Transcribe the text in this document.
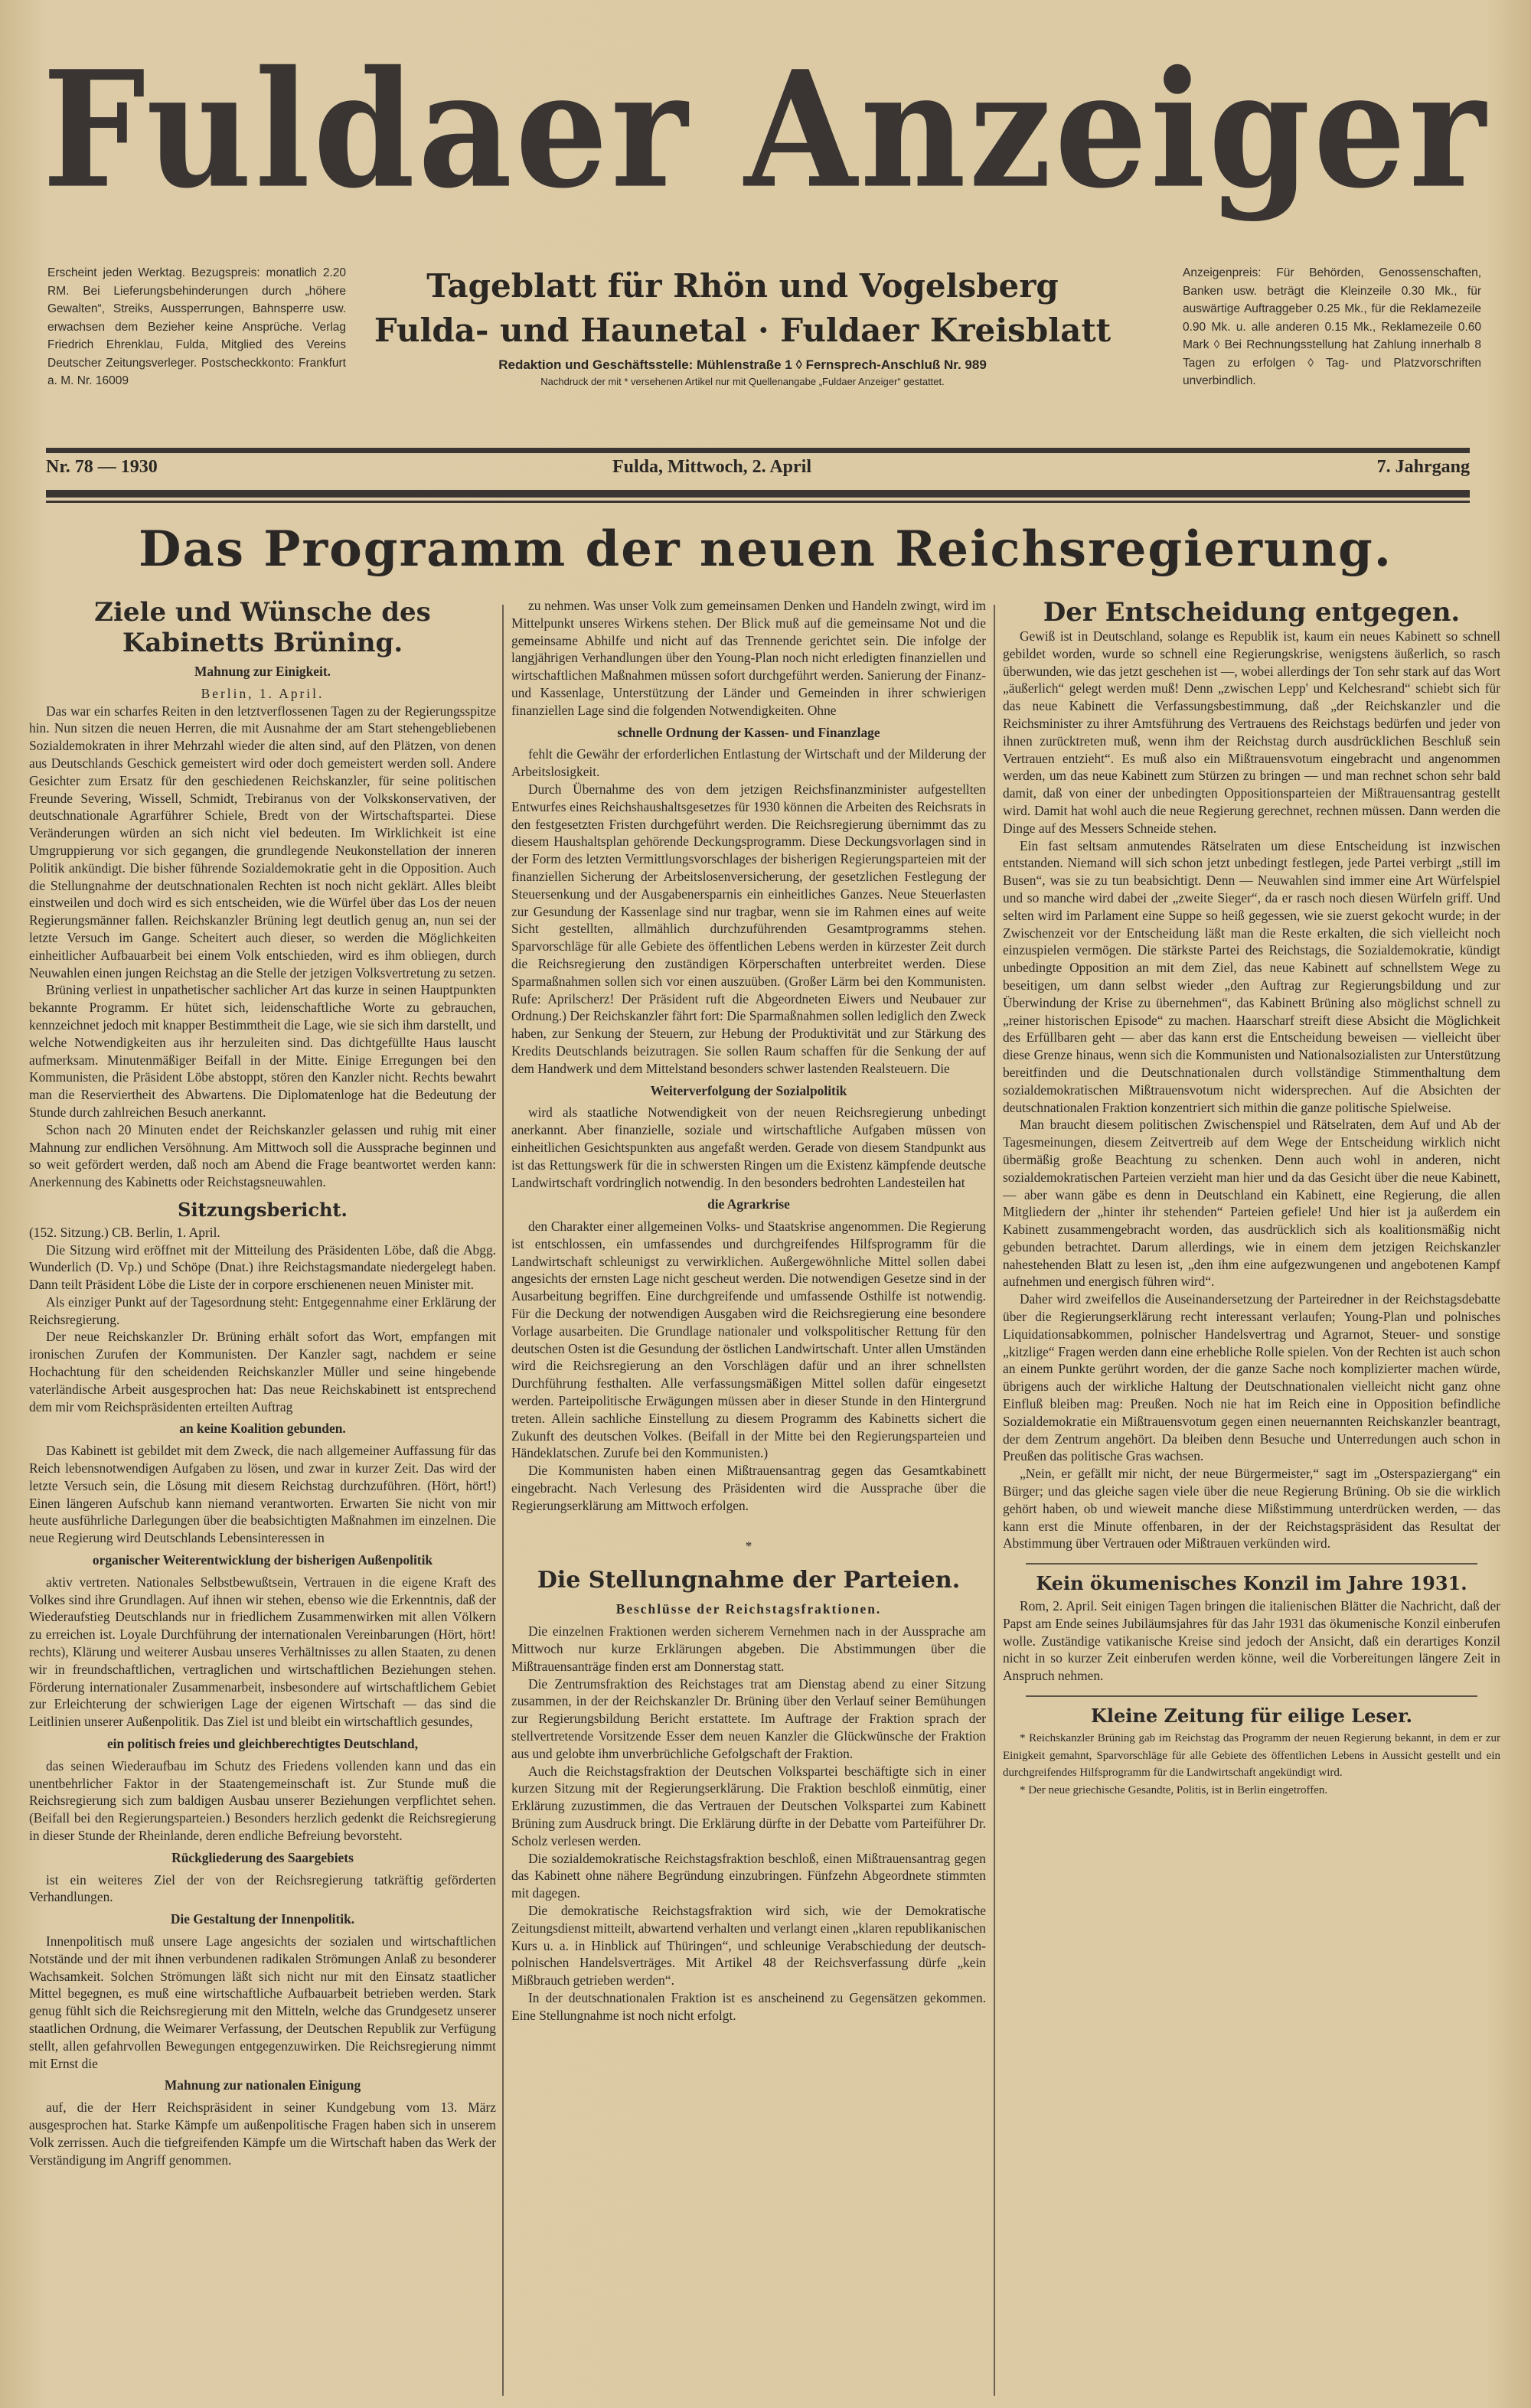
Fuldaer Anzeiger
Erscheint jeden Werktag. Bezugspreis: monatlich 2.20 RM. Bei Lieferungsbehinderungen durch „höhere Gewalten“, Streiks, Aussperrungen, Bahnsperre usw. erwachsen dem Bezieher keine Ansprüche. Verlag Friedrich Ehrenklau, Fulda, Mitglied des Vereins Deutscher Zeitungsverleger. Postscheckkonto: Frankfurt a. M. Nr. 16009
Tageblatt für Rhön und Vogelsberg
Fulda- und Haunetal · Fuldaer Kreisblatt
Redaktion und Geschäftsstelle: Mühlenstraße 1 ◊ Fernsprech-Anschluß Nr. 989
Nachdruck der mit * versehenen Artikel nur mit Quellenangabe „Fuldaer Anzeiger“ gestattet.
Anzeigenpreis: Für Behörden, Genossenschaften, Banken usw. beträgt die Kleinzeile 0.30 Mk., für auswärtige Auftraggeber 0.25 Mk., für die Reklamezeile 0.90 Mk. u. alle anderen 0.15 Mk., Reklamezeile 0.60 Mark ◊ Bei Rechnungsstellung hat Zahlung innerhalb 8 Tagen zu erfolgen ◊ Tag- und Platzvorschriften unverbindlich.
Nr. 78 — 1930	Fulda, Mittwoch, 2. April	7. Jahrgang
Das Programm der neuen Reichsregierung.
Ziele und Wünsche des Kabinetts Brüning.
Mahnung zur Einigkeit.
Berlin, 1. April.

Das war ein scharfes Reiten in den letztverflossenen Tagen zu der Regierungsspitze hin. Nun sitzen die neuen Herren, die mit Ausnahme der am Start stehengebliebenen Sozialdemokraten in ihrer Mehrzahl wieder die alten sind, auf den Plätzen, von denen aus Deutschlands Geschick gemeistert wird oder doch gemeistert werden soll. Andere Gesichter zum Ersatz für den geschiedenen Reichskanzler, für seine politischen Freunde Severing, Wissell, Schmidt, Trebiranus von der Volkskonservativen, der deutschnationale Agrarführer Schiele, Bredt von der Wirtschaftspartei. Diese Veränderungen würden an sich nicht viel bedeuten. Im Wirklichkeit ist eine Umgruppierung vor sich gegangen, die grundlegende Neukonstellation der inneren Politik ankündigt. Die bisher führende Sozialdemokratie geht in die Opposition. Auch die Stellungnahme der deutschnationalen Rechten ist noch nicht geklärt. Alles bleibt einstweilen und doch wird es sich entscheiden, wie die Würfel über das Los der neuen Regierungsmänner fallen. Reichskanzler Brüning legt deutlich genug an, nun sei der letzte Versuch im Gange. Scheitert auch dieser, so werden die Möglichkeiten einheitlicher Aufbauarbeit bei einem Volk entschieden, wird es ihm obliegen, durch Neuwahlen einen jungen Reichstag an die Stelle der jetzigen Volksvertretung zu setzen.

Brüning verliest in unpathetischer sachlicher Art das kurze in seinen Hauptpunkten bekannte Programm. Er hütet sich, leidenschaftliche Worte zu gebrauchen, kennzeichnet jedoch mit knapper Bestimmtheit die Lage, wie sie sich ihm darstellt, und welche Notwendigkeiten aus ihr herzuleiten sind. Das dichtgefüllte Haus lauscht aufmerksam. Minutenmäßiger Beifall in der Mitte. Einige Erregungen bei den Kommunisten, die Präsident Löbe abstoppt, stören den Kanzler nicht. Rechts bewahrt man die Reserviertheit des Abwartens. Die Diplomatenloge hat die Bedeutung der Stunde durch zahlreichen Besuch anerkannt.

Schon nach 20 Minuten endet der Reichskanzler gelassen und ruhig mit einer Mahnung zur endlichen Versöhnung. Am Mittwoch soll die Aussprache beginnen und so weit gefördert werden, daß noch am Abend die Frage beantwortet werden kann: Anerkennung des Kabinetts oder Reichstagsneuwahlen.

Sitzungsbericht.
(152. Sitzung.) CB. Berlin, 1. April.

Die Sitzung wird eröffnet mit der Mitteilung des Präsidenten Löbe, daß die Abgg. Wunderlich (D. Vp.) und Schöpe (Dnat.) ihre Reichstagsmandate niedergelegt haben. Dann teilt Präsident Löbe die Liste der in corpore erschienenen neuen Minister mit.

Als einziger Punkt auf der Tagesordnung steht: Entgegennahme einer Erklärung der Reichsregierung.

Der neue Reichskanzler Dr. Brüning erhält sofort das Wort, empfangen mit ironischen Zurufen der Kommunisten. Der Kanzler sagt, nachdem er seine Hochachtung für den scheidenden Reichskanzler Müller und seine hingebende vaterländische Arbeit ausgesprochen hat: Das neue Reichskabinett ist entsprechend dem mir vom Reichspräsidenten erteilten Auftrag

an keine Koalition gebunden.

Das Kabinett ist gebildet mit dem Zweck, die nach allgemeiner Auffassung für das Reich lebensnotwendigen Aufgaben zu lösen, und zwar in kurzer Zeit. Das wird der letzte Versuch sein, die Lösung mit diesem Reichstag durchzuführen. (Hört, hört!) Einen längeren Aufschub kann niemand verantworten. Erwarten Sie nicht von mir heute ausführliche Darlegungen über die beabsichtigten Maßnahmen im einzelnen. Die neue Regierung wird Deutschlands Lebensinteressen in

organischer Weiterentwicklung der bisherigen Außenpolitik

aktiv vertreten. Nationales Selbstbewußtsein, Vertrauen in die eigene Kraft des Volkes sind ihre Grundlagen. Auf ihnen wir stehen, ebenso wie die Erkenntnis, daß der Wiederaufstieg Deutschlands nur in friedlichem Zusammenwirken mit allen Völkern zu erreichen ist. Loyale Durchführung der internationalen Vereinbarungen (Hört, hört! rechts), Klärung und weiterer Ausbau unseres Verhältnisses zu allen Staaten, zu denen wir in freundschaftlichen, vertraglichen und wirtschaftlichen Beziehungen stehen. Förderung internationaler Zusammenarbeit, insbesondere auf wirtschaftlichem Gebiet zur Erleichterung der schwierigen Lage der eigenen Wirtschaft — das sind die Leitlinien unserer Außenpolitik. Das Ziel ist und bleibt ein wirtschaftlich gesundes,

ein politisch freies und gleichberechtigtes Deutschland,

das seinen Wiederaufbau im Schutz des Friedens vollenden kann und das ein unentbehrlicher Faktor in der Staatengemeinschaft ist. Zur Stunde muß die Reichsregierung sich zum baldigen Ausbau unserer Beziehungen verpflichtet sehen. (Beifall bei den Regierungsparteien.) Besonders herzlich gedenkt die Reichsregierung in dieser Stunde der Rheinlande, deren endliche Befreiung bevorsteht.

Rückgliederung des Saargebiets

ist ein weiteres Ziel der von der Reichsregierung tatkräftig geförderten Verhandlungen.

Die Gestaltung der Innenpolitik.

Innenpolitisch muß unsere Lage angesichts der sozialen und wirtschaftlichen Notstände und der mit ihnen verbundenen radikalen Strömungen Anlaß zu besonderer Wachsamkeit. Solchen Strömungen läßt sich nicht nur mit den Einsatz staatlicher Mittel begegnen, es muß eine wirtschaftliche Aufbauarbeit betrieben werden. Stark genug fühlt sich die Reichsregierung mit den Mitteln, welche das Grundgesetz unserer staatlichen Ordnung, die Weimarer Verfassung, der Deutschen Republik zur Verfügung stellt, allen gefahrvollen Bewegungen entgegenzuwirken. Die Reichsregierung nimmt mit Ernst die

Mahnung zur nationalen Einigung

auf, die der Herr Reichspräsident in seiner Kundgebung vom 13. März ausgesprochen hat. Starke Kämpfe um außenpolitische Fragen haben sich in unserem Volk zerrissen. Auch die tiefgreifenden Kämpfe um die Wirtschaft haben das Werk der Verständigung im Angriff genommen.

zu nehmen. Was unser Volk zum gemeinsamen Denken und Handeln zwingt, wird im Mittelpunkt unseres Wirkens stehen. Der Blick muß auf die gemeinsame Not und die gemeinsame Abhilfe und nicht auf das Trennende gerichtet sein. Die infolge der langjährigen Verhandlungen über den Young-Plan noch nicht erledigten finanziellen und wirtschaftlichen Maßnahmen müssen sofort durchgeführt werden. Sanierung der Finanz- und Kassenlage, Unterstützung der Länder und Gemeinden in ihrer schwierigen finanziellen Lage sind die folgenden Notwendigkeiten. Ohne

schnelle Ordnung der Kassen- und Finanzlage

fehlt die Gewähr der erforderlichen Entlastung der Wirtschaft und der Milderung der Arbeitslosigkeit.

Durch Übernahme des von dem jetzigen Reichsfinanzminister aufgestellten Entwurfes eines Reichshaushaltsgesetzes für 1930 können die Arbeiten des Reichsrats in den festgesetzten Fristen durchgeführt werden. Die Reichsregierung übernimmt das zu diesem Haushaltsplan gehörende Deckungsprogramm. Diese Deckungsvorlagen sind in der Form des letzten Vermittlungsvorschlages der bisherigen Regierungsparteien mit der finanziellen Sicherung der Arbeitslosenversicherung, der gesetzlichen Festlegung der Steuersenkung und der Ausgabenersparnis ein einheitliches Ganzes. Neue Steuerlasten zur Gesundung der Kassenlage sind nur tragbar, wenn sie im Rahmen eines auf weite Sicht gestellten, allmählich durchzuführenden Gesamtprogramms stehen. Sparvorschläge für alle Gebiete des öffentlichen Lebens werden in kürzester Zeit durch die Reichsregierung den zuständigen Körperschaften unterbreitet werden. Diese Sparmaßnahmen sollen sich vor einen auszuüben. (Großer Lärm bei den Kommunisten. Rufe: Aprilscherz! Der Präsident ruft die Abgeordneten Eiwers und Neubauer zur Ordnung.) Der Reichskanzler fährt fort: Die Sparmaßnahmen sollen lediglich den Zweck haben, zur Senkung der Steuern, zur Hebung der Produktivität und zur Stärkung des Kredits Deutschlands beizutragen. Sie sollen Raum schaffen für die Senkung der auf dem Handwerk und dem Mittelstand besonders schwer lastenden Realsteuern. Die

Weiterverfolgung der Sozialpolitik

wird als staatliche Notwendigkeit von der neuen Reichsregierung unbedingt anerkannt. Aber finanzielle, soziale und wirtschaftliche Aufgaben müssen von einheitlichen Gesichtspunkten aus angefaßt werden. Gerade von diesem Standpunkt aus ist das Rettungswerk für die in schwersten Ringen um die Existenz kämpfende deutsche Landwirtschaft vordringlich notwendig. In den besonders bedrohten Landesteilen hat

die Agrarkrise

den Charakter einer allgemeinen Volks- und Staatskrise angenommen. Die Regierung ist entschlossen, ein umfassendes und durchgreifendes Hilfsprogramm für die Landwirtschaft schleunigst zu verwirklichen. Außergewöhnliche Mittel sollen dabei angesichts der ernsten Lage nicht gescheut werden. Die notwendigen Gesetze sind in der Ausarbeitung begriffen. Eine durchgreifende und umfassende Osthilfe ist notwendig. Für die Deckung der notwendigen Ausgaben wird die Reichsregierung eine besondere Vorlage ausarbeiten. Die Grundlage nationaler und volkspolitischer Rettung für den deutschen Osten ist die Gesundung der östlichen Landwirtschaft. Unter allen Umständen wird die Reichsregierung an den Vorschlägen dafür und an ihrer schnellsten Durchführung festhalten. Alle verfassungsmäßigen Mittel sollen dafür eingesetzt werden. Parteipolitische Erwägungen müssen aber in dieser Stunde in den Hintergrund treten. Allein sachliche Einstellung zu diesem Programm des Kabinetts sichert die Zukunft des deutschen Volkes. (Beifall in der Mitte bei den Regierungsparteien und Händeklatschen. Zurufe bei den Kommunisten.)

Die Kommunisten haben einen Mißtrauensantrag gegen das Gesamtkabinett eingebracht. Nach Verlesung des Präsidenten wird die Aussprache über die Regierungserklärung am Mittwoch erfolgen.

*
Die Stellungnahme der Parteien.
Beschlüsse der Reichstagsfraktionen.

Die einzelnen Fraktionen werden sicherem Vernehmen nach in der Aussprache am Mittwoch nur kurze Erklärungen abgeben. Die Abstimmungen über die Mißtrauensanträge finden erst am Donnerstag statt.

Die Zentrumsfraktion des Reichstages trat am Dienstag abend zu einer Sitzung zusammen, in der der Reichskanzler Dr. Brüning über den Verlauf seiner Bemühungen zur Regierungsbildung Bericht erstattete. Im Auftrage der Fraktion sprach der stellvertretende Vorsitzende Esser dem neuen Kanzler die Glückwünsche der Fraktion aus und gelobte ihm unverbrüchliche Gefolgschaft der Fraktion.

Auch die Reichstagsfraktion der Deutschen Volkspartei beschäftigte sich in einer kurzen Sitzung mit der Regierungserklärung. Die Fraktion beschloß einmütig, einer Erklärung zuzustimmen, die das Vertrauen der Deutschen Volkspartei zum Kabinett Brüning zum Ausdruck bringt. Die Erklärung dürfte in der Debatte vom Parteiführer Dr. Scholz verlesen werden.

Die sozialdemokratische Reichstagsfraktion beschloß, einen Mißtrauensantrag gegen das Kabinett ohne nähere Begründung einzubringen. Fünfzehn Abgeordnete stimmten mit dagegen.

Die demokratische Reichstagsfraktion wird sich, wie der Demokratische Zeitungsdienst mitteilt, abwartend verhalten und verlangt einen „klaren republikanischen Kurs u. a. in Hinblick auf Thüringen“, und schleunige Verabschiedung der deutsch-polnischen Handelsverträges. Mit Artikel 48 der Reichsverfassung dürfe „kein Mißbrauch getrieben werden“.

In der deutschnationalen Fraktion ist es anscheinend zu Gegensätzen gekommen. Eine Stellungnahme ist noch nicht erfolgt.

Der Entscheidung entgegen.

Gewiß ist in Deutschland, solange es Republik ist, kaum ein neues Kabinett so schnell gebildet worden, wurde so schnell eine Regierungskrise, wenigstens äußerlich, so rasch überwunden, wie das jetzt geschehen ist —, wobei allerdings der Ton sehr stark auf das Wort „äußerlich“ gelegt werden muß! Denn „zwischen Lepp' und Kelchesrand“ schiebt sich für das neue Kabinett die Verfassungsbestimmung, daß „der Reichskanzler und die Reichsminister zu ihrer Amtsführung des Vertrauens des Reichstags bedürfen und jeder von ihnen zurücktreten muß, wenn ihm der Reichstag durch ausdrücklichen Beschluß sein Vertrauen entzieht“. Es muß also ein Mißtrauensvotum eingebracht und angenommen werden, um das neue Kabinett zum Stürzen zu bringen — und man rechnet schon sehr bald damit, daß von einer der unbedingten Oppositionsparteien der Mißtrauensantrag gestellt wird. Damit hat wohl auch die neue Regierung gerechnet, rechnen müssen. Dann werden die Dinge auf des Messers Schneide stehen.

Ein fast seltsam anmutendes Rätselraten um diese Entscheidung ist inzwischen entstanden. Niemand will sich schon jetzt unbedingt festlegen, jede Partei verbirgt „still im Busen“, was sie zu tun beabsichtigt. Denn — Neuwahlen sind immer eine Art Würfelspiel und so manche wird dabei der „zweite Sieger“, da er rasch noch diesen Würfeln griff. Und selten wird im Parlament eine Suppe so heiß gegessen, wie sie zuerst gekocht wurde; in der Zwischenzeit vor der Entscheidung läßt man die Reste erkalten, die sich vielleicht noch einzuspielen vermögen. Die stärkste Partei des Reichstags, die Sozialdemokratie, kündigt unbedingte Opposition an mit dem Ziel, das neue Kabinett auf schnellstem Wege zu beseitigen, um dann selbst wieder „den Auftrag zur Regierungsbildung und zur Überwindung der Krise zu übernehmen“, das Kabinett Brüning also möglichst schnell zu „reiner historischen Episode“ zu machen. Haarscharf streift diese Absicht die Möglichkeit des Erfüllbaren geht — aber das kann erst die Entscheidung beweisen — vielleicht über diese Grenze hinaus, wenn sich die Kommunisten und Nationalsozialisten zur Unterstützung bereitfinden und die Deutschnationalen durch vollständige Stimmenthaltung dem sozialdemokratischen Mißtrauensvotum nicht widersprechen. Auf die Absichten der deutschnationalen Fraktion konzentriert sich mithin die ganze politische Spielweise.

Man braucht diesem politischen Zwischenspiel und Rätselraten, dem Auf und Ab der Tagesmeinungen, diesem Zeitvertreib auf dem Wege der Entscheidung wirklich nicht übermäßig große Beachtung zu schenken. Denn auch wohl in anderen, nicht sozialdemokratischen Parteien verzieht man hier und da das Gesicht über die neue Kabinett, — aber wann gäbe es denn in Deutschland ein Kabinett, eine Regierung, die allen Mitgliedern der „hinter ihr stehenden“ Parteien gefiele! Und hier ist ja außerdem ein Kabinett zusammengebracht worden, das ausdrücklich sich als koalitionsmäßig nicht gebunden betrachtet. Darum allerdings, wie in einem dem jetzigen Reichskanzler nahestehenden Blatt zu lesen ist, „den ihm eine aufgezwungenen und angebotenen Kampf aufnehmen und energisch führen wird“.

Daher wird zweifellos die Auseinandersetzung der Parteiredner in der Reichstagsdebatte über die Regierungserklärung recht interessant verlaufen; Young-Plan und polnisches Liquidationsabkommen, polnischer Handelsvertrag und Agrarnot, Steuer- und sonstige „kitzlige“ Fragen werden dann eine erhebliche Rolle spielen. Von der Rechten ist auch schon an einem Punkte gerührt worden, der die ganze Sache noch komplizierter machen würde, übrigens auch der wirkliche Haltung der Deutschnationalen vielleicht nicht ganz ohne Einfluß bleiben mag: Preußen. Noch nie hat im Reich eine in Opposition befindliche Sozialdemokratie ein Mißtrauensvotum gegen einen neuernannten Reichskanzler beantragt, der dem Zentrum angehört. Da bleiben denn Besuche und Unterredungen auch schon in Preußen das politische Gras wachsen.

„Nein, er gefällt mir nicht, der neue Bürgermeister,“ sagt im „Osterspaziergang“ ein Bürger; und das gleiche sagen viele über die neue Regierung Brüning. Ob sie die wirklich gehört haben, ob und wieweit manche diese Mißstimmung unterdrücken werden, — das kann erst die Minute offenbaren, in der der Reichstagspräsident das Resultat der Abstimmung über Vertrauen oder Mißtrauen verkünden wird.

Kein ökumenisches Konzil im Jahre 1931.

Rom, 2. April. Seit einigen Tagen bringen die italienischen Blätter die Nachricht, daß der Papst am Ende seines Jubiläumsjahres für das Jahr 1931 das ökumenische Konzil einberufen wolle. Zuständige vatikanische Kreise sind jedoch der Ansicht, daß ein derartiges Konzil nicht in so kurzer Zeit einberufen werden könne, weil die Vorbereitungen längere Zeit in Anspruch nehmen.

Kleine Zeitung für eilige Leser.

* Reichskanzler Brüning gab im Reichstag das Programm der neuen Regierung bekannt, in dem er zur Einigkeit gemahnt, Sparvorschläge für alle Gebiete des öffentlichen Lebens in Aussicht gestellt und ein durchgreifendes Hilfsprogramm für die Landwirtschaft angekündigt wird.

* Der neue griechische Gesandte, Politis, ist in Berlin eingetroffen.
